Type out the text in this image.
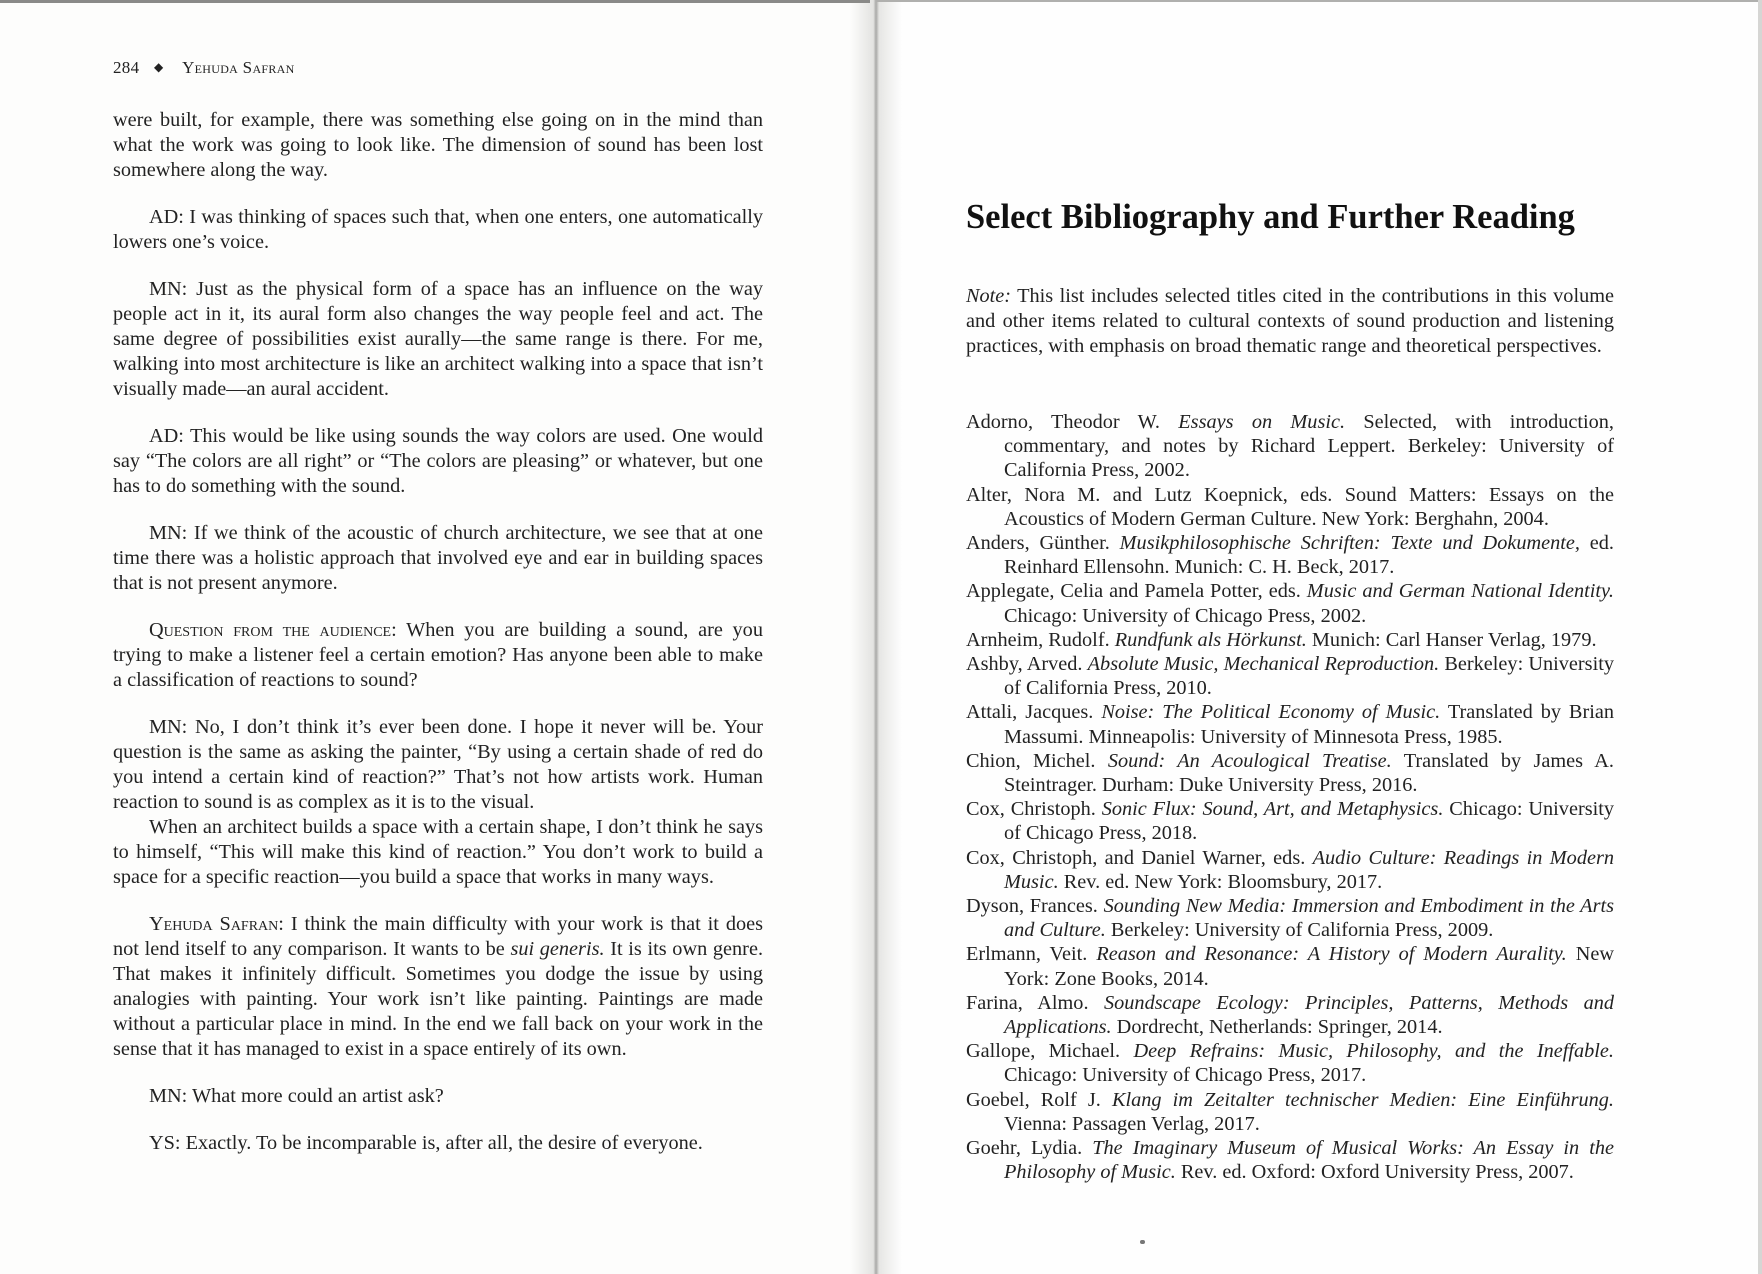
284 ◆ Yehuda Safran

were built, for example, there was something else going on in the mind than what the work was going to look like. The dimension of sound has been lost somewhere along the way.

AD: I was thinking of spaces such that, when one enters, one automatically lowers one’s voice.

MN: Just as the physical form of a space has an influence on the way people act in it, its aural form also changes the way people feel and act. The same degree of possibilities exist aurally—the same range is there. For me, walking into most architecture is like an architect walking into a space that isn’t visually made—an aural accident.

AD: This would be like using sounds the way colors are used. One would say “The colors are all right” or “The colors are pleasing” or whatever, but one has to do something with the sound.

MN: If we think of the acoustic of church architecture, we see that at one time there was a holistic approach that involved eye and ear in building spaces that is not present anymore.

Question from the audience: When you are building a sound, are you trying to make a listener feel a certain emotion? Has anyone been able to make a classification of reactions to sound?

MN: No, I don’t think it’s ever been done. I hope it never will be. Your question is the same as asking the painter, “By using a certain shade of red do you intend a certain kind of reaction?” That’s not how artists work. Human reaction to sound is as complex as it is to the visual.

When an architect builds a space with a certain shape, I don’t think he says to himself, “This will make this kind of reaction.” You don’t work to build a space for a specific reaction—you build a space that works in many ways.

Yehuda Safran: I think the main difficulty with your work is that it does not lend itself to any comparison. It wants to be sui generis. It is its own genre. That makes it infinitely difficult. Sometimes you dodge the issue by using analogies with painting. Your work isn’t like painting. Paintings are made without a particular place in mind. In the end we fall back on your work in the sense that it has managed to exist in a space entirely of its own.

MN: What more could an artist ask?

YS: Exactly. To be incomparable is, after all, the desire of everyone.

Select Bibliography and Further Reading
Note: This list includes selected titles cited in the contributions in this volume and other items related to cultural contexts of sound production and listening practices, with emphasis on broad thematic range and theoretical perspectives.
Adorno, Theodor W. Essays on Music. Selected, with introduction, commentary, and notes by Richard Leppert. Berkeley: University of California Press, 2002.
Alter, Nora M. and Lutz Koepnick, eds. Sound Matters: Essays on the Acoustics of Modern German Culture. New York: Berghahn, 2004.
Anders, Günther. Musikphilosophische Schriften: Texte und Dokumente, ed. Reinhard Ellensohn. Munich: C. H. Beck, 2017.
Applegate, Celia and Pamela Potter, eds. Music and German National Identity. Chicago: University of Chicago Press, 2002.
Arnheim, Rudolf. Rundfunk als Hörkunst. Munich: Carl Hanser Verlag, 1979.
Ashby, Arved. Absolute Music, Mechanical Reproduction. Berkeley: University of California Press, 2010.
Attali, Jacques. Noise: The Political Economy of Music. Translated by Brian Massumi. Minneapolis: University of Minnesota Press, 1985.
Chion, Michel. Sound: An Acoulogical Treatise. Translated by James A. Steintrager. Durham: Duke University Press, 2016.
Cox, Christoph. Sonic Flux: Sound, Art, and Metaphysics. Chicago: University of Chicago Press, 2018.
Cox, Christoph, and Daniel Warner, eds. Audio Culture: Readings in Modern Music. Rev. ed. New York: Bloomsbury, 2017.
Dyson, Frances. Sounding New Media: Immersion and Embodiment in the Arts and Culture. Berkeley: University of California Press, 2009.
Erlmann, Veit. Reason and Resonance: A History of Modern Aurality. New York: Zone Books, 2014.
Farina, Almo. Soundscape Ecology: Principles, Patterns, Methods and Applications. Dordrecht, Netherlands: Springer, 2014.
Gallope, Michael. Deep Refrains: Music, Philosophy, and the Ineffable. Chicago: University of Chicago Press, 2017.
Goebel, Rolf J. Klang im Zeitalter technischer Medien: Eine Einführung. Vienna: Passagen Verlag, 2017.
Goehr, Lydia. The Imaginary Museum of Musical Works: An Essay in the Philosophy of Music. Rev. ed. Oxford: Oxford University Press, 2007.
